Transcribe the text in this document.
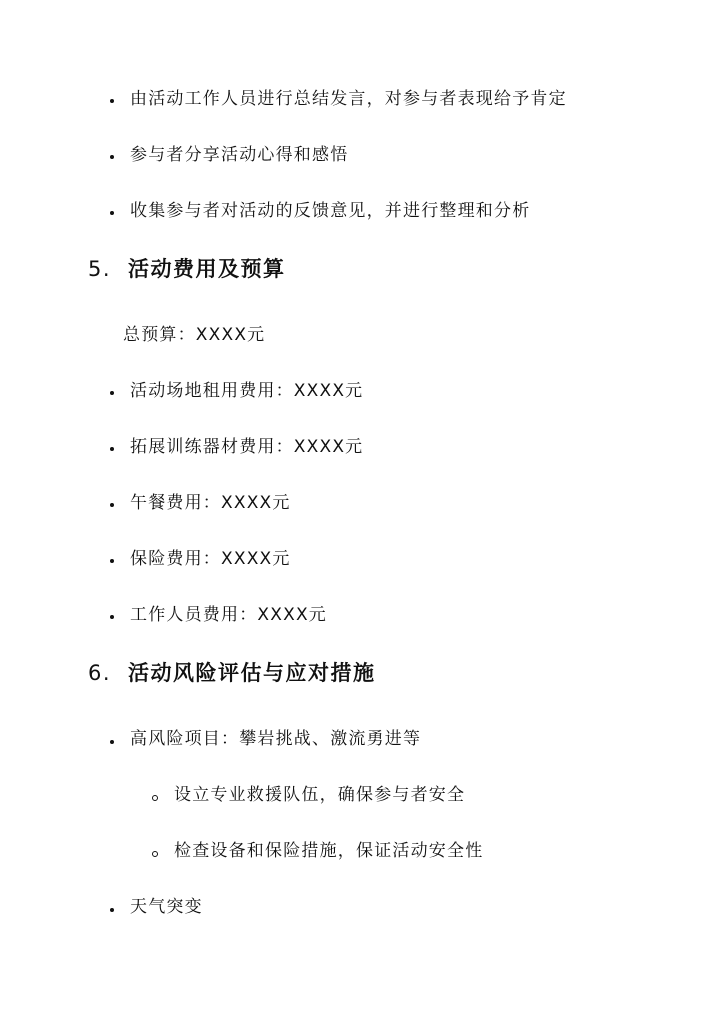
由活动工作人员进行总结发言，对参与者表现给予肯定
参与者分享活动心得和感悟
收集参与者对活动的反馈意见，并进行整理和分析
5. 活动费用及预算
总预算：XXXX元
活动场地租用费用：XXXX元
拓展训练器材费用：XXXX元
午餐费用：XXXX元
保险费用：XXXX元
工作人员费用：XXXX元
6. 活动风险评估与应对措施
高风险项目：攀岩挑战、激流勇进等
设立专业救援队伍，确保参与者安全
检查设备和保险措施，保证活动安全性
天气突变
